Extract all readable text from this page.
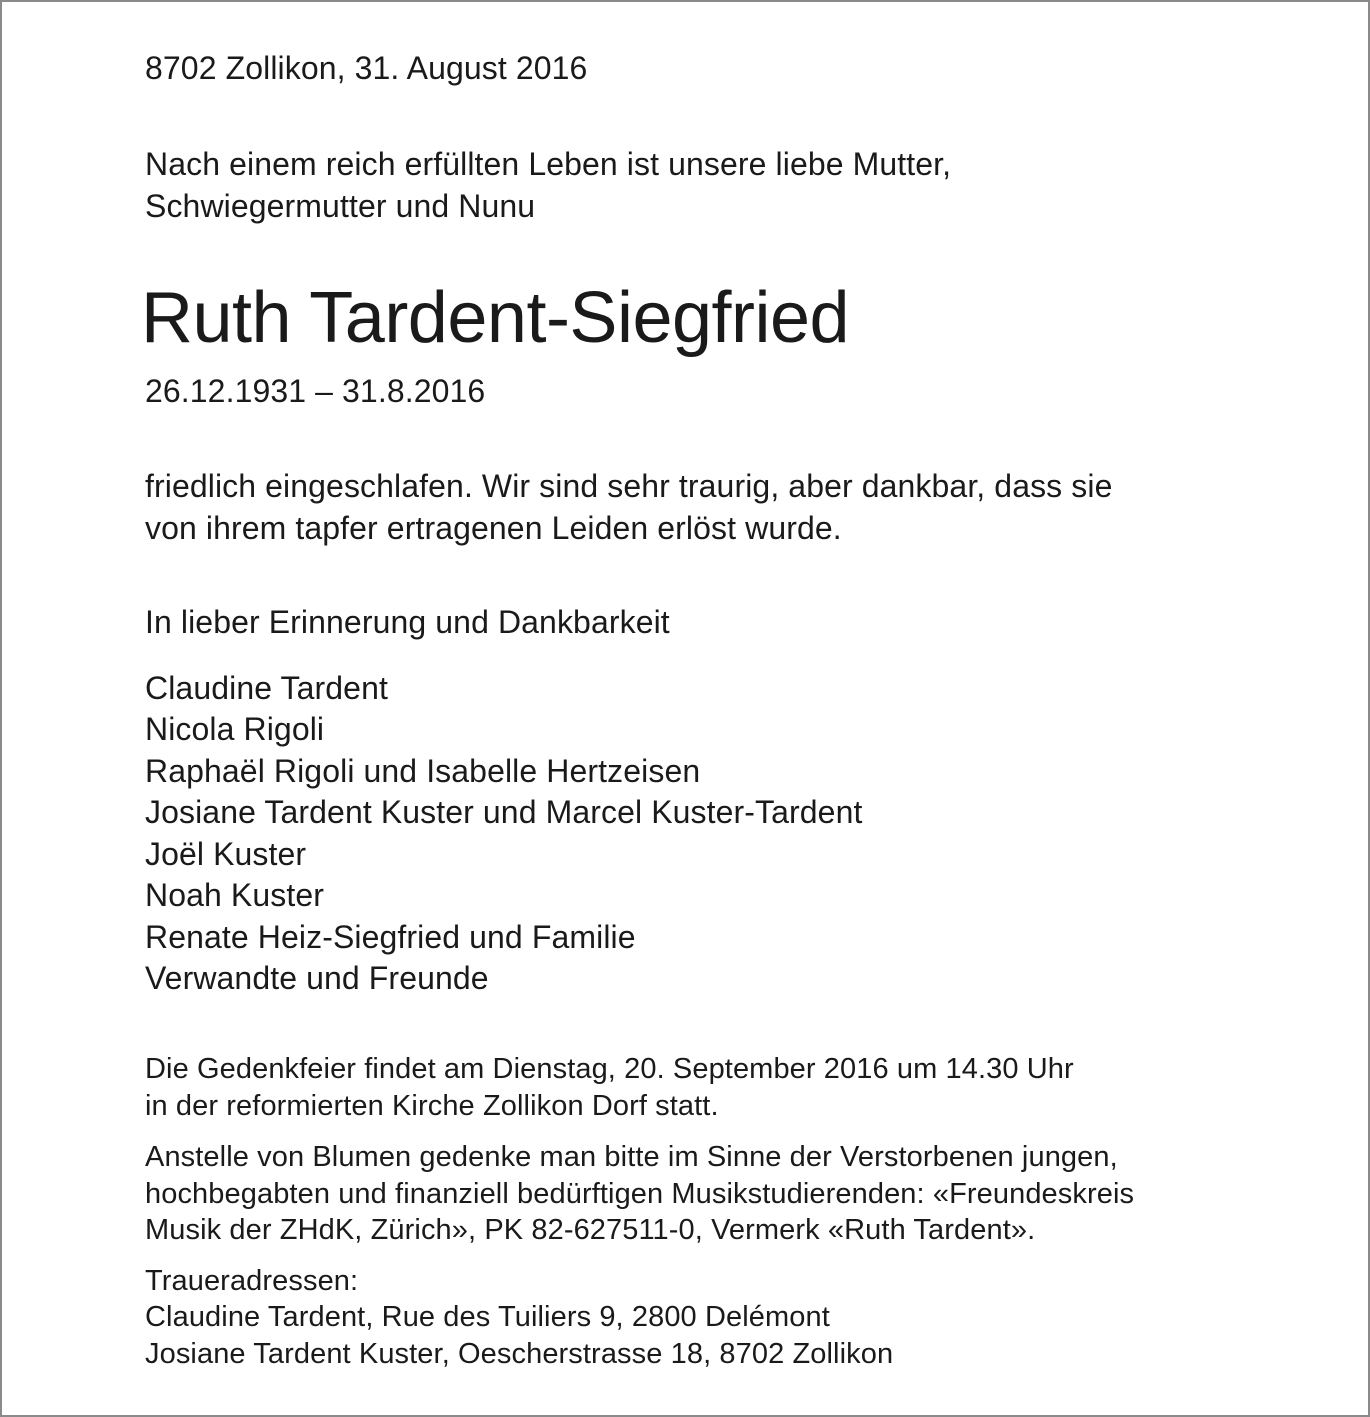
8702 Zollikon, 31. August 2016
Nach einem reich erfüllten Leben ist unsere liebe Mutter,
Schwiegermutter und Nunu
Ruth Tardent-Siegfried
26.12.1931 – 31.8.2016
friedlich eingeschlafen. Wir sind sehr traurig, aber dankbar, dass sie
von ihrem tapfer ertragenen Leiden erlöst wurde.
In lieber Erinnerung und Dankbarkeit
Claudine Tardent
Nicola Rigoli
Raphaël Rigoli und Isabelle Hertzeisen
Josiane Tardent Kuster und Marcel Kuster-Tardent
Joël Kuster
Noah Kuster
Renate Heiz-Siegfried und Familie
Verwandte und Freunde
Die Gedenkfeier findet am Dienstag, 20. September 2016 um 14.30 Uhr
in der reformierten Kirche Zollikon Dorf statt.
Anstelle von Blumen gedenke man bitte im Sinne der Verstorbenen jungen,
hochbegabten und finanziell bedürftigen Musikstudierenden: «Freundeskreis
Musik der ZHdK, Zürich», PK 82-627511-0, Vermerk «Ruth Tardent».
Traueradressen:
Claudine Tardent, Rue des Tuiliers 9, 2800 Delémont
Josiane Tardent Kuster, Oescherstrasse 18, 8702 Zollikon
